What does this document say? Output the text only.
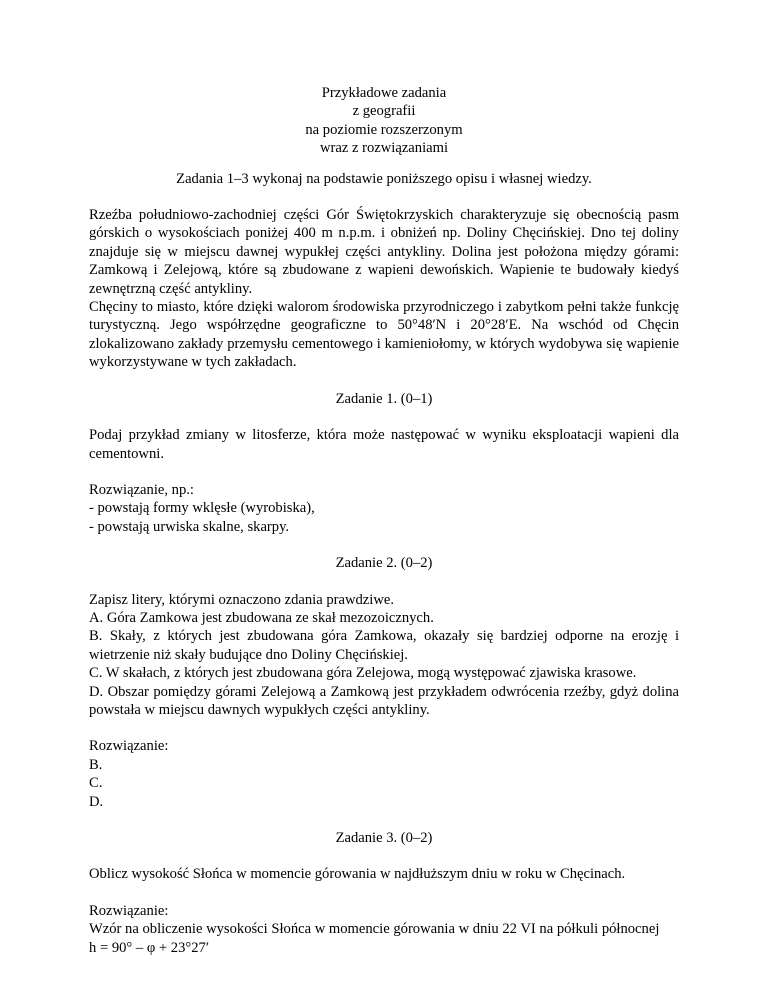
Przykładowe zadania
z geografii
na poziomie rozszerzonym
wraz z rozwiązaniami

Zadania 1–3 wykonaj na podstawie poniższego opisu i własnej wiedzy.

Rzeźba południowo-zachodniej części Gór Świętokrzyskich charakteryzuje się obecnością pasm górskich o wysokościach poniżej 400 m n.p.m. i obniżeń np. Doliny Chęcińskiej. Dno tej doliny znajduje się w miejscu dawnej wypukłej części antykliny. Dolina jest położona między górami: Zamkową i Zelejową, które są zbudowane z wapieni dewońskich. Wapienie te budowały kiedyś zewnętrzną część antykliny.

Chęciny to miasto, które dzięki walorom środowiska przyrodniczego i zabytkom pełni także funkcję turystyczną. Jego współrzędne geograficzne to 50°48′N i 20°28′E. Na wschód od Chęcin zlokalizowano zakłady przemysłu cementowego i kamieniołomy, w których wydobywa się wapienie wykorzystywane w tych zakładach.

Zadanie 1. (0–1)

Podaj przykład zmiany w litosferze, która może następować w wyniku eksploatacji wapieni dla cementowni.

Rozwiązanie, np.:
- powstają formy wklęsłe (wyrobiska),
- powstają urwiska skalne, skarpy.

Zadanie 2. (0–2)

Zapisz litery, którymi oznaczono zdania prawdziwe.
A. Góra Zamkowa jest zbudowana ze skał mezozoicznych.
B. Skały, z których jest zbudowana góra Zamkowa, okazały się bardziej odporne na erozję i wietrzenie niż skały budujące dno Doliny Chęcińskiej.
C. W skałach, z których jest zbudowana góra Zelejowa, mogą występować zjawiska krasowe.
D. Obszar pomiędzy górami Zelejową a Zamkową jest przykładem odwrócenia rzeźby, gdyż dolina powstała w miejscu dawnych wypukłych części antykliny.
Rozwiązanie:
B.
C.
D.

Zadanie 3. (0–2)

Oblicz wysokość Słońca w momencie górowania w najdłuższym dniu w roku w Chęcinach.

Rozwiązanie:
Wzór na obliczenie wysokości Słońca w momencie górowania w dniu 22 VI na półkuli północnej
h = 90° – φ + 23°27′
